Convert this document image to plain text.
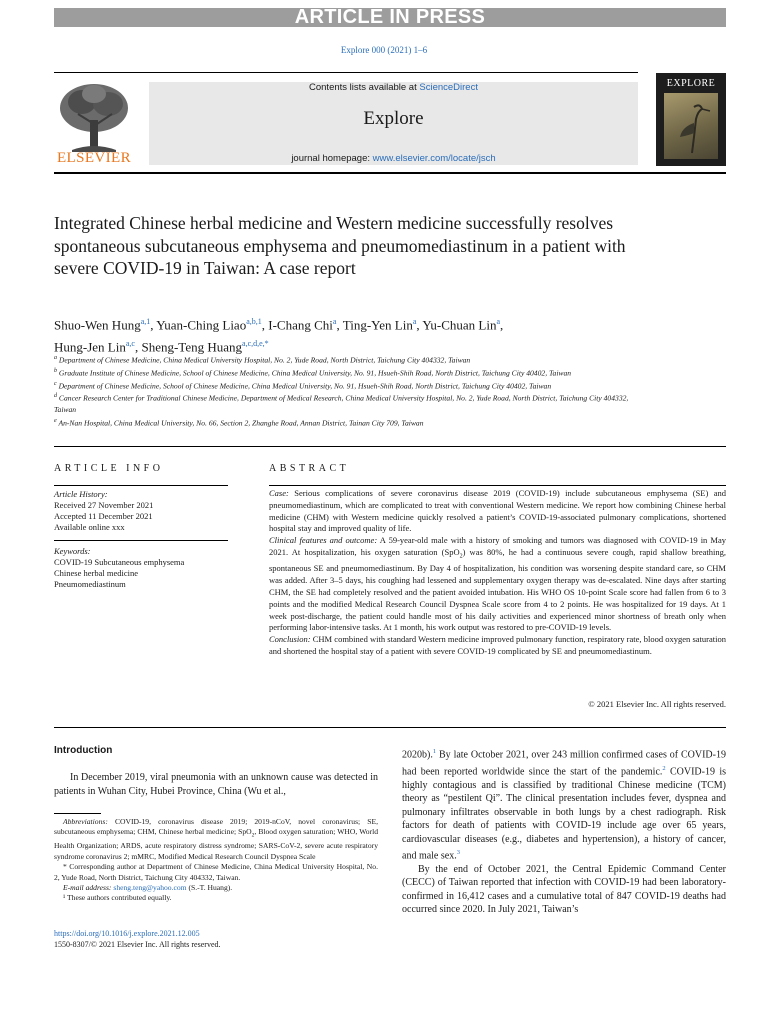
ARTICLE IN PRESS
Explore 000 (2021) 1–6
ELSEVIER
Contents lists available at ScienceDirect
Explore
journal homepage: www.elsevier.com/locate/jsch
EXPLORE
Integrated Chinese herbal medicine and Western medicine successfully resolves spontaneous subcutaneous emphysema and pneumomediastinum in a patient with severe COVID-19 in Taiwan: A case report
Shuo-Wen Hung$^{a,1}$, Yuan-Ching Liao$^{a,b,1}$, I-Chang Chi$^a$, Ting-Yen Lin$^a$, Yu-Chuan Lin$^a$,
Hung-Jen Lin$^{a,c}$, Sheng-Teng Huang$^{a,c,d,e,*}$

$^a$ Department of Chinese Medicine, China Medical University Hospital, No. 2, Yude Road, North District, Taichung City 404332, Taiwan

$^b$ Graduate Institute of Chinese Medicine, School of Chinese Medicine, China Medical University, No. 91, Hsueh-Shih Road, North District, Taichung City 40402, Taiwan

$^c$ Department of Chinese Medicine, School of Chinese Medicine, China Medical University, No. 91, Hsueh-Shih Road, North District, Taichung City 40402, Taiwan

$^d$ Cancer Research Center for Traditional Chinese Medicine, Department of Medical Research, China Medical University Hospital, No. 2, Yude Road, North District, Taichung City 404332, Taiwan

$^e$ An-Nan Hospital, China Medical University, No. 66, Section 2, Zhanghe Road, Annan District, Tainan City 709, Taiwan

ARTICLE INFO
Article History:
Received 27 November 2021
Accepted 11 December 2021
Available online xxx
Keywords:
COVID-19 Subcutaneous emphysema
Chinese herbal medicine
Pneumomediastinum
ABSTRACT

Case: Serious complications of severe coronavirus disease 2019 (COVID-19) include subcutaneous emphysema (SE) and pneumomediastinum, which are complicated to treat with conventional Western medicine. We report how combining Chinese herbal medicine (CHM) with Western medicine quickly resolved a patient’s COVID-19-associated pulmonary complications, shortened hospital stay and improved quality of life.

Clinical features and outcome: A 59-year-old male with a history of smoking and tumors was diagnosed with COVID-19 in May 2021. At hospitalization, his oxygen saturation (SpO$_2$) was 80%, he had a continuous severe cough, rapid shallow breathing, spontaneous SE and pneumomediastinum. By Day 4 of hospitalization, his condition was worsening despite standard care, so CHM was added. After 3–5 days, his coughing had lessened and supplementary oxygen therapy was de-escalated. Nine days after starting CHM, the SE had completely resolved and the patient avoided intubation. His WHO OS 10-point Scale score had fallen from 6 to 3 points and the modified Medical Research Council Dyspnea Scale score from 4 to 2 points. He was hospitalized for 19 days. At 1 week post-discharge, the patient could handle most of his daily activities and experienced minor shortness of breath only when performing labor-intensive tasks. At 1 month, his work output was restored to pre-COVID-19 levels.

Conclusion: CHM combined with standard Western medicine improved pulmonary function, respiratory rate, blood oxygen saturation and shortened the hospital stay of a patient with severe COVID-19 complicated by SE and pneumomediastinum.

© 2021 Elsevier Inc. All rights reserved.
Introduction

In December 2019, viral pneumonia with an unknown cause was detected in patients in Wuhan City, Hubei Province, China (Wu et al.,

Abbreviations: COVID-19, coronavirus disease 2019; 2019-nCoV, novel coronavirus; SE, subcutaneous emphysema; CHM, Chinese herbal medicine; SpO$_2$, Blood oxygen saturation; WHO, World Health Organization; ARDS, acute respiratory distress syndrome; SARS-CoV-2, severe acute respiratory syndrome coronavirus 2; mMRC, Modified Medical Research Council Dyspnea Scale

* Corresponding author at Department of Chinese Medicine, China Medical University Hospital, No. 2, Yude Road, North District, Taichung City 404332, Taiwan.

E-mail address: sheng.teng@yahoo.com (S.-T. Huang).

¹ These authors contributed equally.

https://doi.org/10.1016/j.explore.2021.12.005
1550-8307/© 2021 Elsevier Inc. All rights reserved.

2020b).$^1$ By late October 2021, over 243 million confirmed cases of COVID-19 had been reported worldwide since the start of the pandemic.$^2$ COVID-19 is highly contagious and is classified by traditional Chinese medicine (TCM) theory as “pestilent Qi”. The clinical presentation includes fever, dyspnea and pulmonary infiltrates observable in both lungs by a chest radiograph. Risk factors for death of patients with COVID-19 include age over 65 years, cardiovascular diseases (e.g., diabetes and hypertension), a history of cancer, and male sex.$^3$

By the end of October 2021, the Central Epidemic Command Center (CECC) of Taiwan reported that infection with COVID-19 had been laboratory-confirmed in 16,412 cases and a cumulative total of 847 COVID-19 deaths had occurred since 2020. In July 2021, Taiwan’s
